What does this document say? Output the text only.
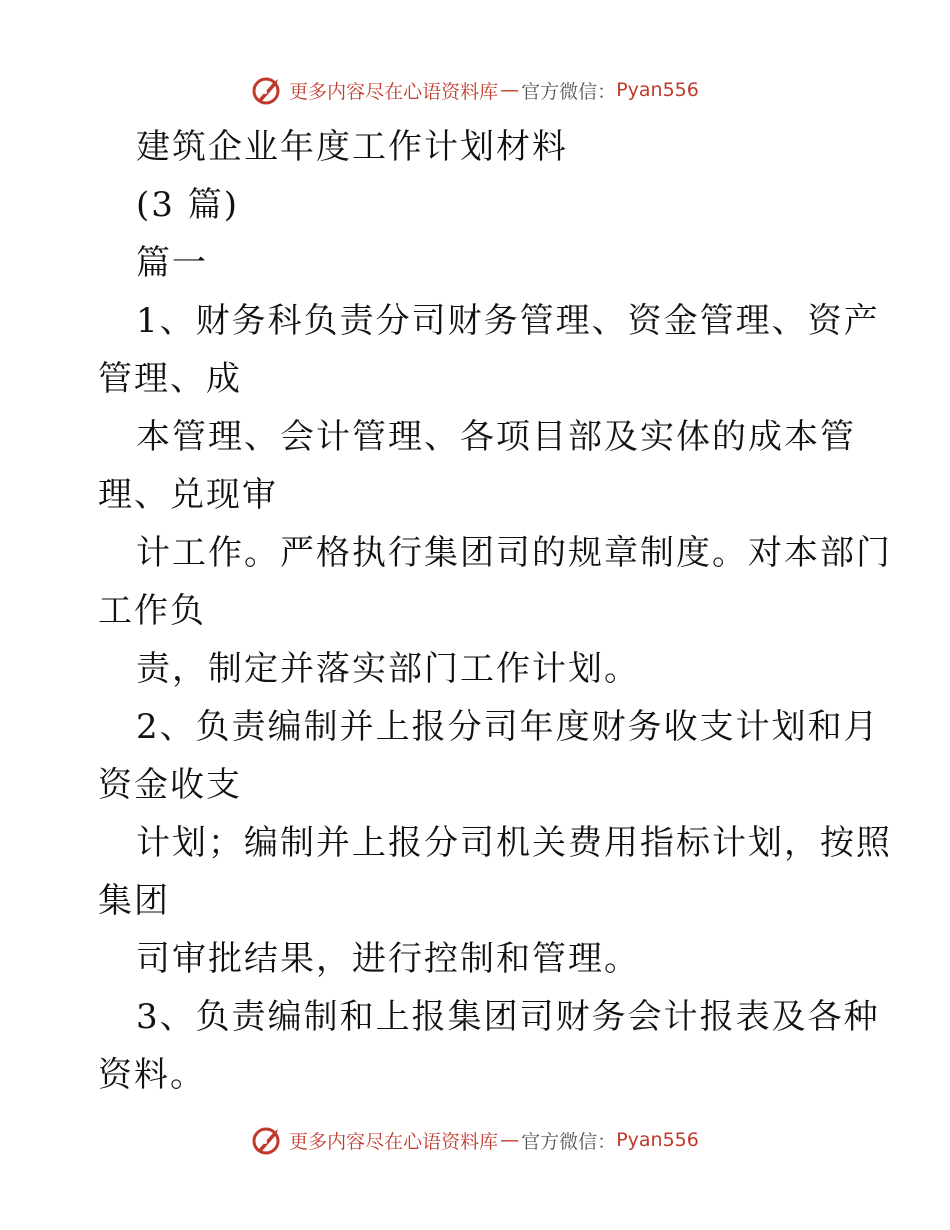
更多内容尽在心语资料库 — 官方微信： Pyan556
建筑企业年度工作计划材料
(3 篇)
篇一
1、财务科负责分司财务管理、资金管理、资产
管理、成
本管理、会计管理、各项目部及实体的成本管
理、兑现审
计工作。严格执行集团司的规章制度。对本部门
工作负
责，制定并落实部门工作计划。
2、负责编制并上报分司年度财务收支计划和月
资金收支
计划；编制并上报分司机关费用指标计划，按照
集团
司审批结果，进行控制和管理。
3、负责编制和上报集团司财务会计报表及各种
资料。
更多内容尽在心语资料库 — 官方微信： Pyan556
